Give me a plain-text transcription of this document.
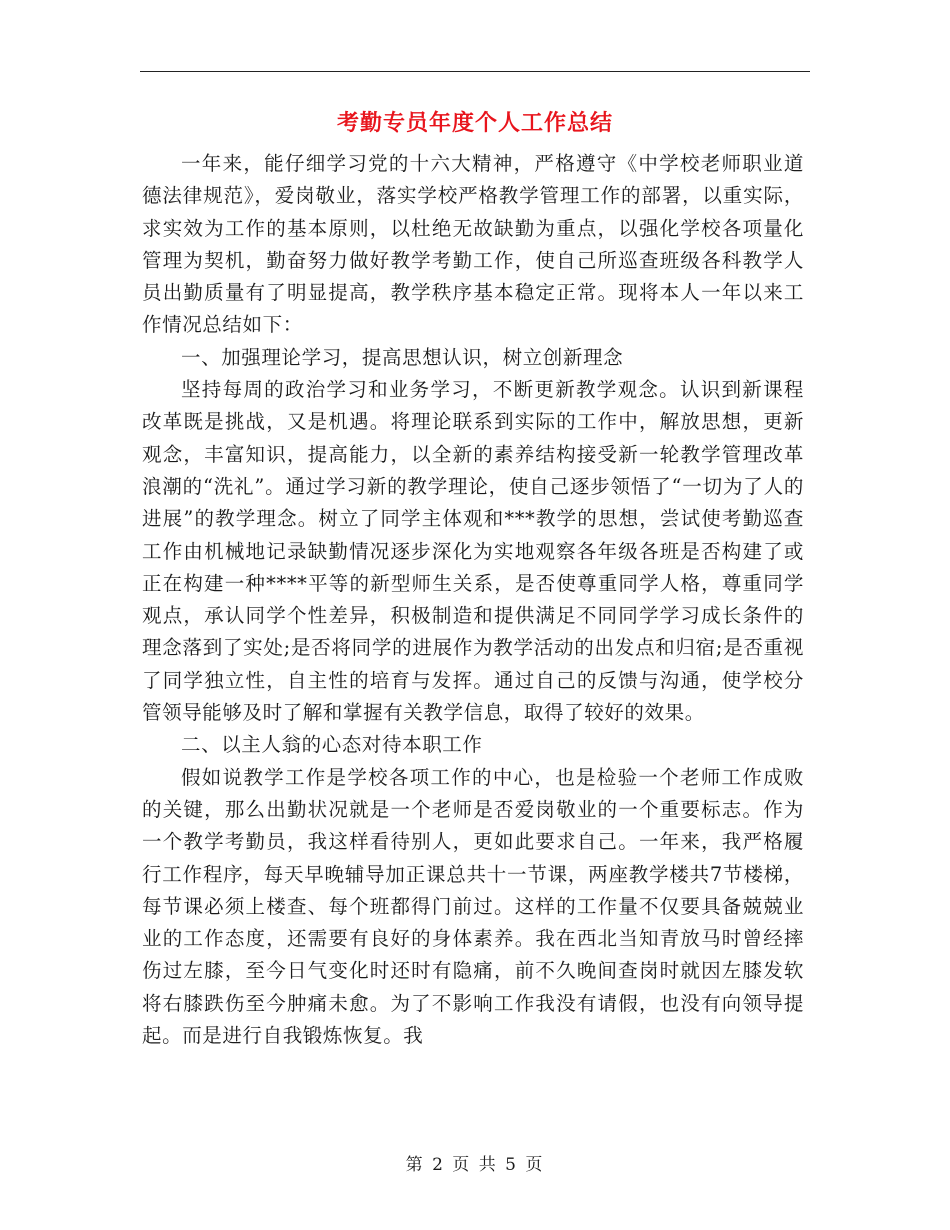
考勤专员年度个人工作总结

一年来，能仔细学习党的十六大精神，严格遵守《中学校老师职业道德法律规范》，爱岗敬业，落实学校严格教学管理工作的部署，以重实际，求实效为工作的基本原则，以杜绝无故缺勤为重点，以强化学校各项量化管理为契机，勤奋努力做好教学考勤工作，使自己所巡查班级各科教学人员出勤质量有了明显提高，教学秩序基本稳定正常。现将本人一年以来工作情况总结如下：

一、加强理论学习，提高思想认识，树立创新理念

坚持每周的政治学习和业务学习，不断更新教学观念。认识到新课程改革既是挑战，又是机遇。将理论联系到实际的工作中，解放思想，更新观念，丰富知识，提高能力，以全新的素养结构接受新一轮教学管理改革浪潮的“洗礼”。通过学习新的教学理论，使自己逐步领悟了“一切为了人的进展”的教学理念。树立了同学主体观和***教学的思想，尝试使考勤巡查工作由机械地记录缺勤情况逐步深化为实地观察各年级各班是否构建了或正在构建一种****平等的新型师生关系，是否使尊重同学人格，尊重同学观点，承认同学个性差异，积极制造和提供满足不同同学学习成长条件的理念落到了实处;是否将同学的进展作为教学活动的出发点和归宿;是否重视了同学独立性，自主性的培育与发挥。通过自己的反馈与沟通，使学校分管领导能够及时了解和掌握有关教学信息，取得了较好的效果。

二、以主人翁的心态对待本职工作

假如说教学工作是学校各项工作的中心，也是检验一个老师工作成败的关键，那么出勤状况就是一个老师是否爱岗敬业的一个重要标志。作为一个教学考勤员，我这样看待别人，更如此要求自己。一年来，我严格履行工作程序，每天早晚辅导加正课总共十一节课，两座教学楼共7节楼梯，每节课必须上楼查、每个班都得门前过。这样的工作量不仅要具备兢兢业业的工作态度，还需要有良好的身体素养。我在西北当知青放马时曾经摔伤过左膝，至今日气变化时还时有隐痛，前不久晚间查岗时就因左膝发软将右膝跌伤至今肿痛未愈。为了不影响工作我没有请假，也没有向领导提起。而是进行自我锻炼恢复。我

第 2 页 共 5 页
